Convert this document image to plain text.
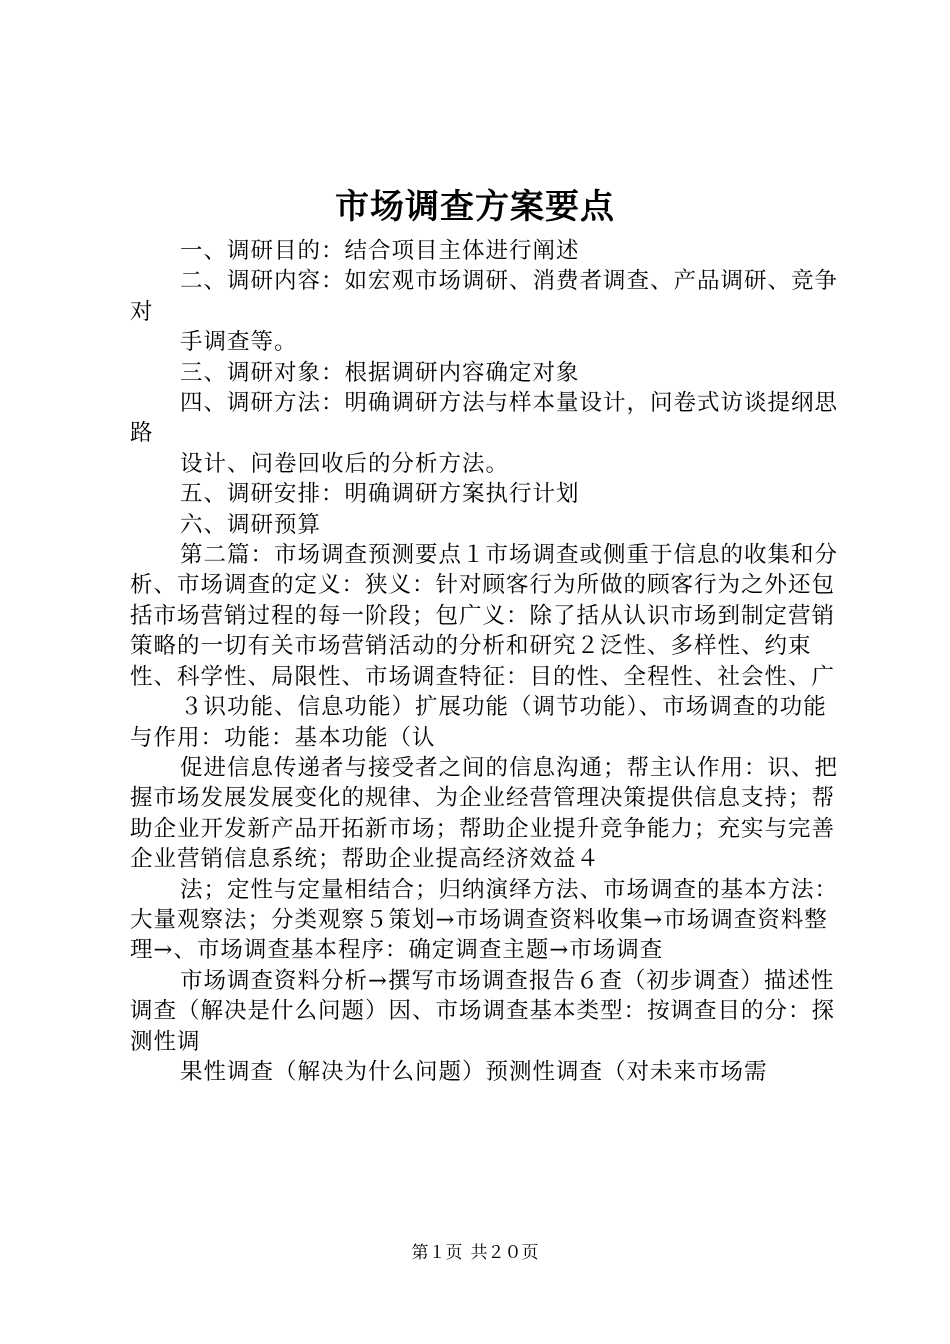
市场调查方案要点

一、调研目的：结合项目主体进行阐述

二、调研内容：如宏观市场调研、消费者调查、产品调研、竞争对

手调查等。

三、调研对象：根据调研内容确定对象

四、调研方法：明确调研方法与样本量设计，问卷式访谈提纲思路

设计、问卷回收后的分析方法。

五、调研安排：明确调研方案执行计划

六、调研预算

第二篇：市场调查预测要点１市场调查或侧重于信息的收集和分析、市场调查的定义：狭义：针对顾客行为所做的顾客行为之外还包括市场营销过程的每一阶段；包广义：除了括从认识市场到制定营销策略的一切有关市场营销活动的分析和研究２泛性、多样性、约束性、科学性、局限性、市场调查特征：目的性、全程性、社会性、广

３识功能、信息功能）扩展功能（调节功能）、市场调查的功能与作用：功能：基本功能（认

促进信息传递者与接受者之间的信息沟通；帮主认作用：识、把握市场发展发展变化的规律、为企业经营管理决策提供信息支持；帮助企业开发新产品开拓新市场；帮助企业提升竞争能力；充实与完善企业营销信息系统；帮助企业提高经济效益４

法；定性与定量相结合；归纳演绎方法、市场调查的基本方法：大量观察法；分类观察５策划→市场调查资料收集→市场调查资料整理→、市场调查基本程序：确定调查主题→市场调查

市场调查资料分析→撰写市场调查报告６查（初步调查）描述性调查（解决是什么问题）因、市场调查基本类型：按调查目的分：探测性调

果性调查（解决为什么问题）预测性调查（对未来市场需

第１页 共２０页
